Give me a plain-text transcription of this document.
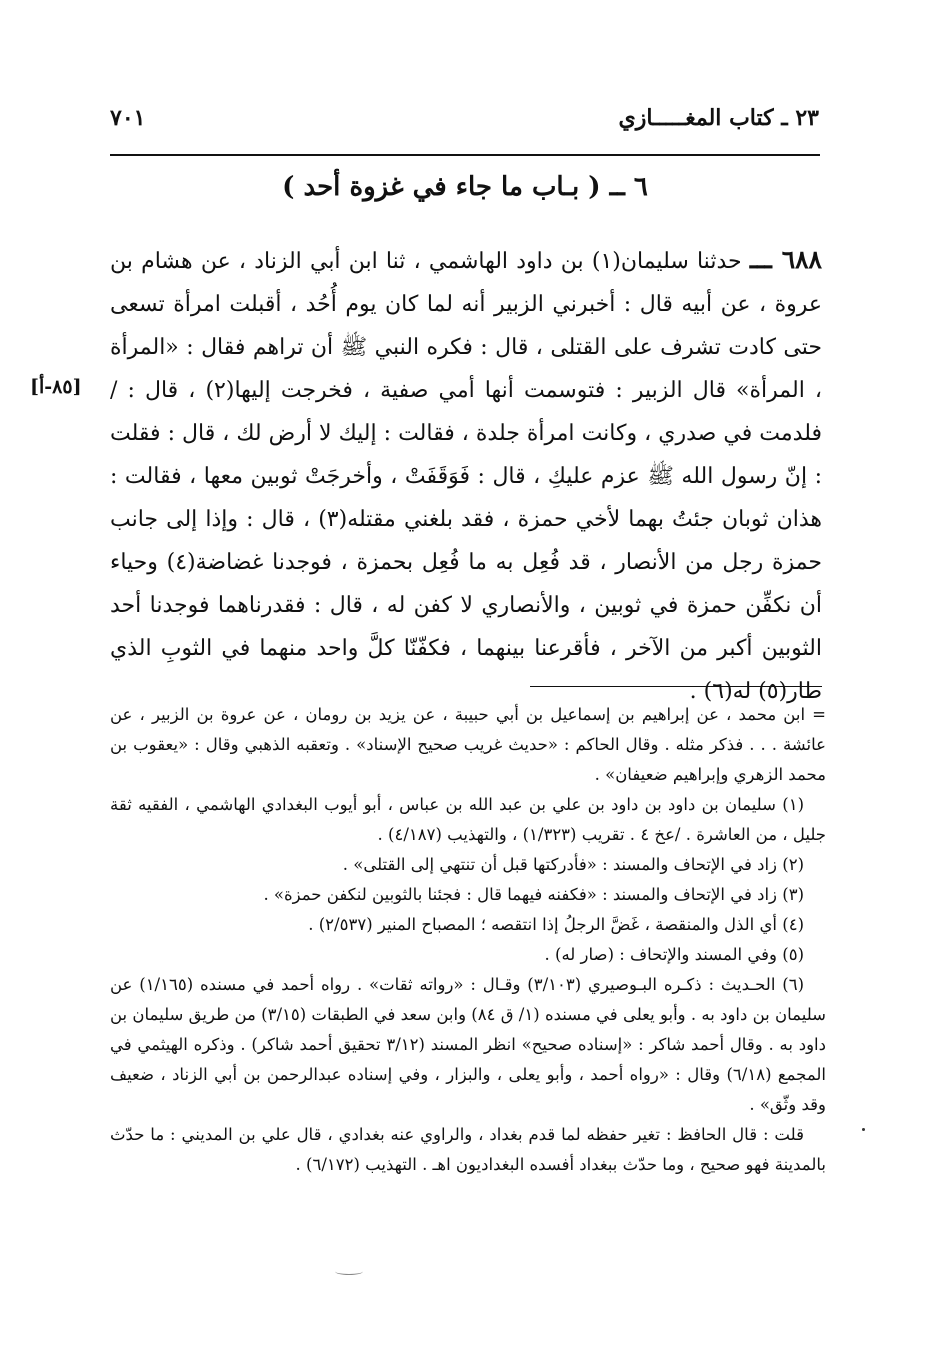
٢٣ ـ كتاب المغـــــازي
٧٠١
٦ ــ ( بـاب ما جاء في غزوة أحد )

٦٨٨ ـــ حدثنا سليمان(١) بن داود الهاشمي ، ثنا ابن أبي الزناد ، عن هشام بن عروة ، عن أبيه قال : أخبرني الزبير أنه لما كان يوم أُحُد ، أقبلت امرأة تسعى حتى كادت تشرف على القتلى ، قال : فكره النبي ﷺ أن تراهم فقال : «المرأة ، المرأة» قال الزبير : فتوسمت أنها أمي صفية ، فخرجت إليها(٢) ، قال : / فلدمت في صدري ، وكانت امرأة جلدة ، فقالت : إليك لا أرض لك ، قال : فقلت : إنّ رسول الله ﷺ عزم عليكِ ، قال : فَوَقَفَتْ ، وأخرجَتْ ثوبين معها ، فقالت : هذان ثوبان جئتُ بهما لأخي حمزة ، فقد بلغني مقتله(٣) ، قال : وإذا إلى جانب حمزة رجل من الأنصار ، قد فُعِل به ما فُعِل بحمزة ، فوجدنا غضاضة(٤) وحياء أن نكفِّن حمزة في ثوبين ، والأنصاري لا كفن له ، قال : فقدرناهما فوجدنا أحد الثوبين أكبر من الآخر ، فأقرعنا بينهما ، فكفّنّا كلَّ واحد منهما في الثوبِ الذي طار(٥) له(٦) .

[٨٥-أ]

= ابن محمد ، عن إبراهيم بن إسماعيل بن أبي حبيبة ، عن يزيد بن رومان ، عن عروة بن الزبير ، عن عائشة . . . فذكر مثله . وقال الحاكم : «حديث غريب صحيح الإسناد» . وتعقبه الذهبي وقال : «يعقوب بن محمد الزهري وإبراهيم ضعيفان» .

(١) سليمان بن داود بن داود بن علي بن عبد الله بن عباس ، أبو أيوب البغدادي الهاشمي ، الفقيه ثقة جليل ، من العاشرة . /عخ ٤ . تقريب (١/٣٢٣) ، والتهذيب (٤/١٨٧) .

(٢) زاد في الإتحاف والمسند : «فأدركتها قبل أن تنتهي إلى القتلى» .

(٣) زاد في الإتحاف والمسند : «فكفنه فيهما قال : فجئنا بالثوبين لنكفن حمزة» .

(٤) أي الذل والمنقصة ، غَضَّ الرجلُ إذا انتقصه ؛ المصباح المنير (٢/٥٣٧) .

(٥) وفي المسند والإتحاف : (صار له) .

(٦) الحـديث : ذكـره البـوصيري (٣/١٠٣) وقـال : «رواته ثقات» . رواه أحمد في مسنده (١/١٦٥) عن سليمان بن داود به . وأبو يعلى في مسنده (١/ ق ٨٤) وابن سعد في الطبقات (٣/١٥) من طريق سليمان بن داود به . وقال أحمد شاكر : «إسناده صحيح» انظر المسند (٣/١٢ تحقيق أحمد شاكر) . وذكره الهيثمي في المجمع (٦/١٨) وقال : «رواه أحمد ، وأبو يعلى ، والبزار ، وفي إسناده عبدالرحمن بن أبي الزناد ، ضعيف وقد وثّق» .

قلت : قال الحافظ : تغير حفظه لما قدم بغداد ، والراوي عنه بغدادي ، قال علي بن المديني : ما حدّث بالمدينة فهو صحيح ، وما حدّث ببغداد أفسده البغداديون اهـ . التهذيب (٦/١٧٢) .
